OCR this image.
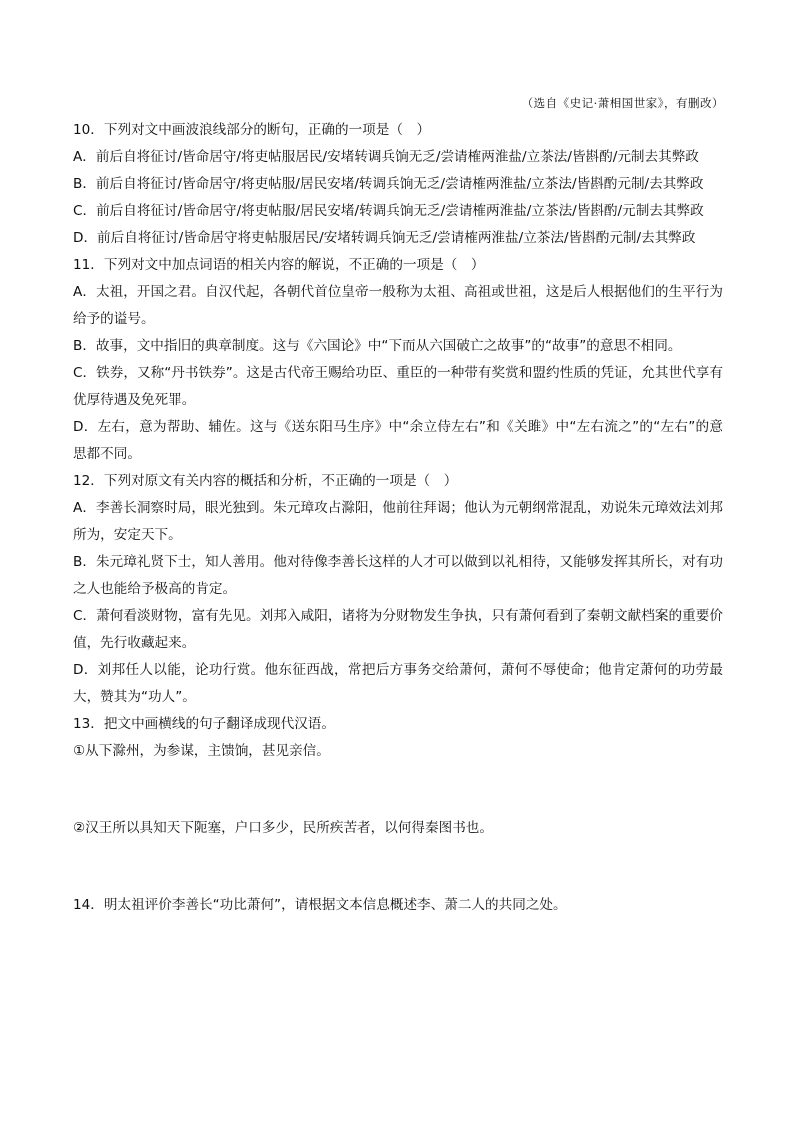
（选自《史记·萧相国世家》，有删改）
10．下列对文中画波浪线部分的断句，正确的一项是（　）
A．前后自将征讨/皆命居守/将吏帖服居民/安堵转调兵饷无乏/尝请榷两淮盐/立茶法/皆斟酌/元制去其弊政
B．前后自将征讨/皆命居守/将吏帖服/居民安堵/转调兵饷无乏/尝请榷两淮盐/立茶法/皆斟酌元制/去其弊政
C．前后自将征讨/皆命居守/将吏帖服/居民安堵/转调兵饷无乏/尝请榷两淮盐/立茶法/皆斟酌/元制去其弊政
D．前后自将征讨/皆命居守将吏帖服居民/安堵转调兵饷无乏/尝请榷两淮盐/立茶法/皆斟酌元制/去其弊政
11．下列对文中加点词语的相关内容的解说，不正确的一项是（　）
A．太祖，开国之君。自汉代起，各朝代首位皇帝一般称为太祖、高祖或世祖，这是后人根据他们的生平行为给予的谥号。
B．故事，文中指旧的典章制度。这与《六国论》中“下而从六国破亡之故事”的“故事”的意思不相同。
C．铁券，又称“丹书铁券”。这是古代帝王赐给功臣、重臣的一种带有奖赏和盟约性质的凭证，允其世代享有优厚待遇及免死罪。
D．左右，意为帮助、辅佐。这与《送东阳马生序》中“余立侍左右”和《关雎》中“左右流之”的“左右”的意思都不同。
12．下列对原文有关内容的概括和分析，不正确的一项是（　）
A．李善长洞察时局，眼光独到。朱元璋攻占滁阳，他前往拜谒；他认为元朝纲常混乱，劝说朱元璋效法刘邦所为，安定天下。
B．朱元璋礼贤下士，知人善用。他对待像李善长这样的人才可以做到以礼相待，又能够发挥其所长，对有功之人也能给予极高的肯定。
C．萧何看淡财物，富有先见。刘邦入咸阳，诸将为分财物发生争执，只有萧何看到了秦朝文献档案的重要价值，先行收藏起来。
D．刘邦任人以能，论功行赏。他东征西战，常把后方事务交给萧何，萧何不辱使命；他肯定萧何的功劳最大，赞其为“功人”。
13．把文中画横线的句子翻译成现代汉语。
①从下滁州，为参谋，主馈饷，甚见亲信。
②汉王所以具知天下阨塞，户口多少，民所疾苦者，以何得秦图书也。
14．明太祖评价李善长“功比萧何”，请根据文本信息概述李、萧二人的共同之处。
